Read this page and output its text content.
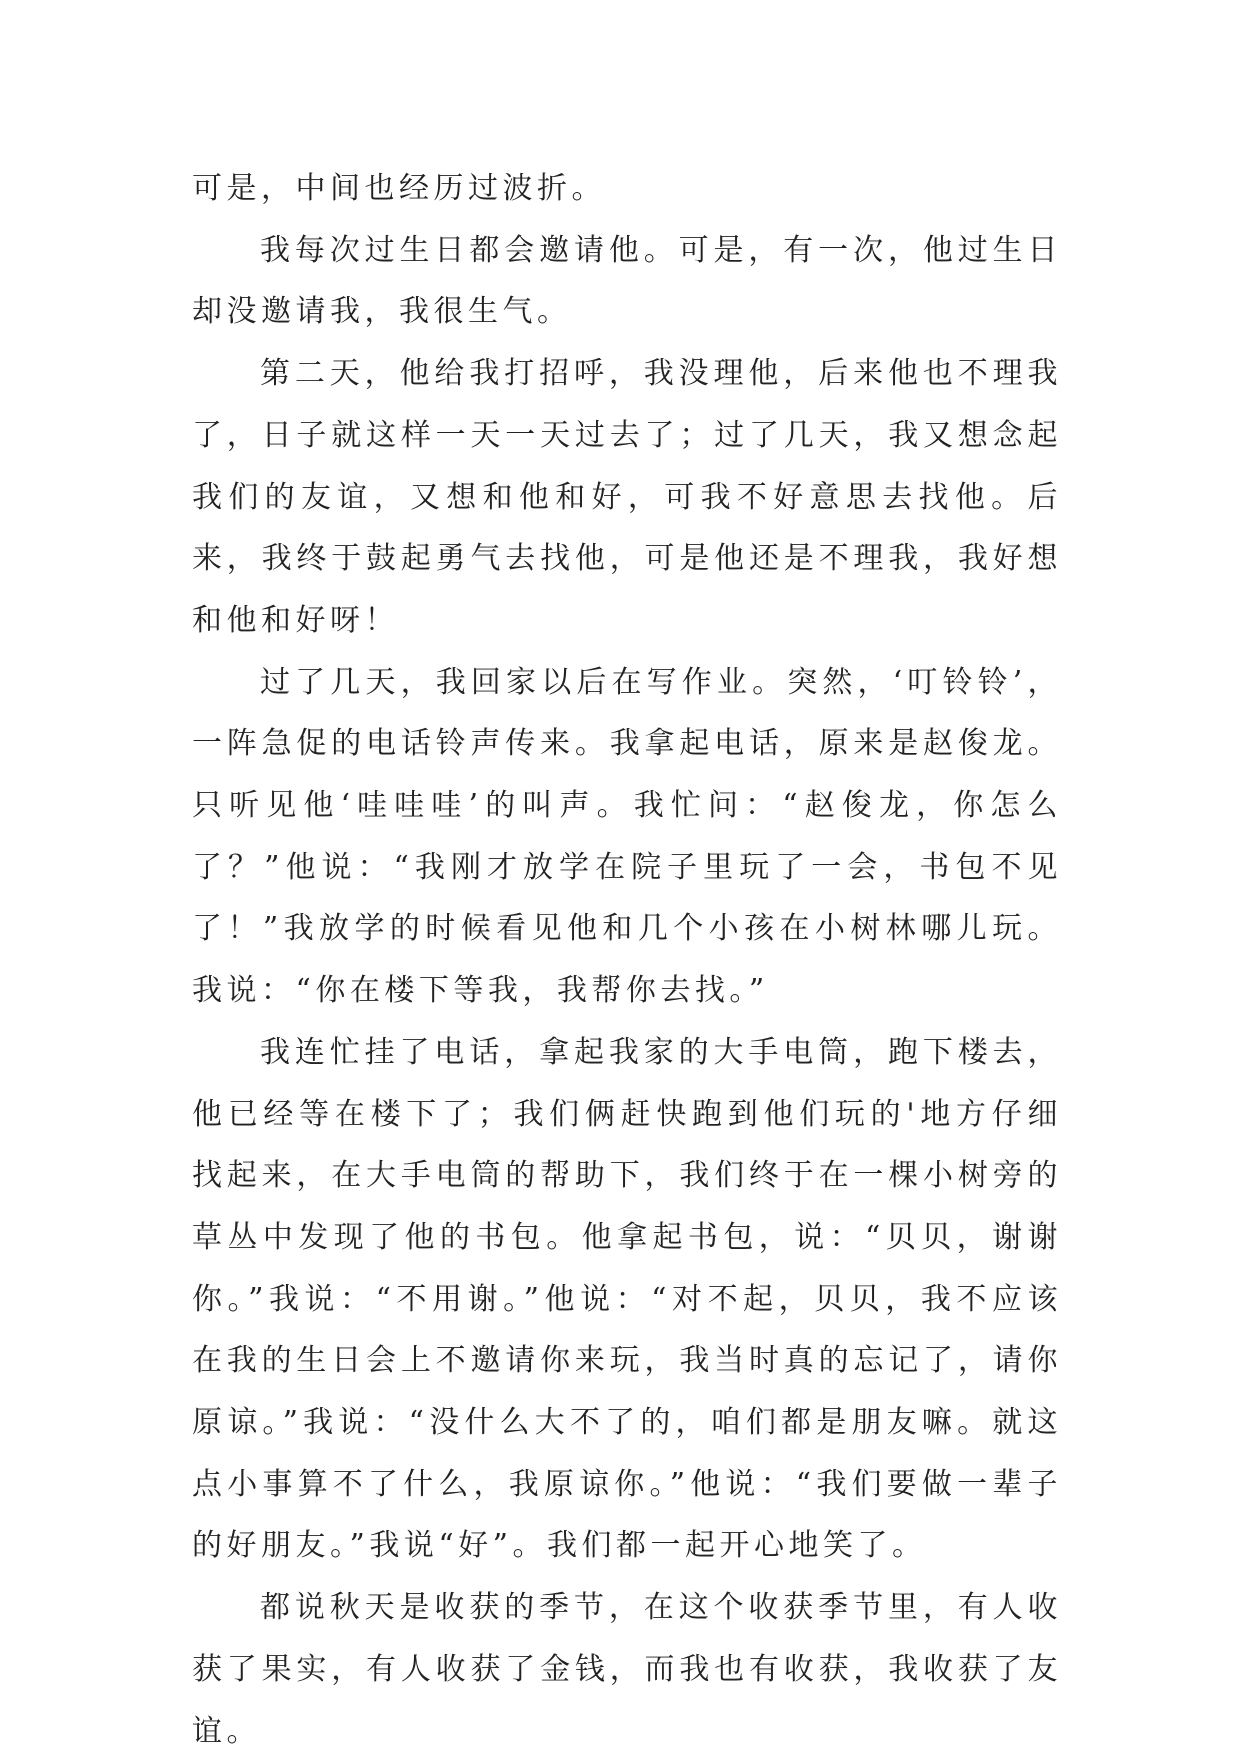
可是，中间也经历过波折。

我每次过生日都会邀请他。可是，有一次，他过生日却没邀请我，我很生气。

第二天，他给我打招呼，我没理他，后来他也不理我了，日子就这样一天一天过去了；过了几天，我又想念起我们的友谊，又想和他和好，可我不好意思去找他。后来，我终于鼓起勇气去找他，可是他还是不理我，我好想和他和好呀！

过了几天，我回家以后在写作业。突然，‘叮铃铃’，一阵急促的电话铃声传来。我拿起电话，原来是赵俊龙。只听见他‘哇哇哇’的叫声。我忙问：“赵俊龙，你怎么了？”他说：“我刚才放学在院子里玩了一会，书包不见了！”我放学的时候看见他和几个小孩在小树林哪儿玩。我说：“你在楼下等我，我帮你去找。”

我连忙挂了电话，拿起我家的大手电筒，跑下楼去，他已经等在楼下了；我们俩赶快跑到他们玩的'地方仔细找起来，在大手电筒的帮助下，我们终于在一棵小树旁的草丛中发现了他的书包。他拿起书包，说：“贝贝，谢谢你。”我说：“不用谢。”他说：“对不起，贝贝，我不应该在我的生日会上不邀请你来玩，我当时真的忘记了，请你原谅。”我说：“没什么大不了的，咱们都是朋友嘛。就这点小事算不了什么，我原谅你。”他说：“我们要做一辈子的好朋友。”我说“好”。我们都一起开心地笑了。

都说秋天是收获的季节，在这个收获季节里，有人收获了果实，有人收获了金钱，而我也有收获，我收获了友谊。
